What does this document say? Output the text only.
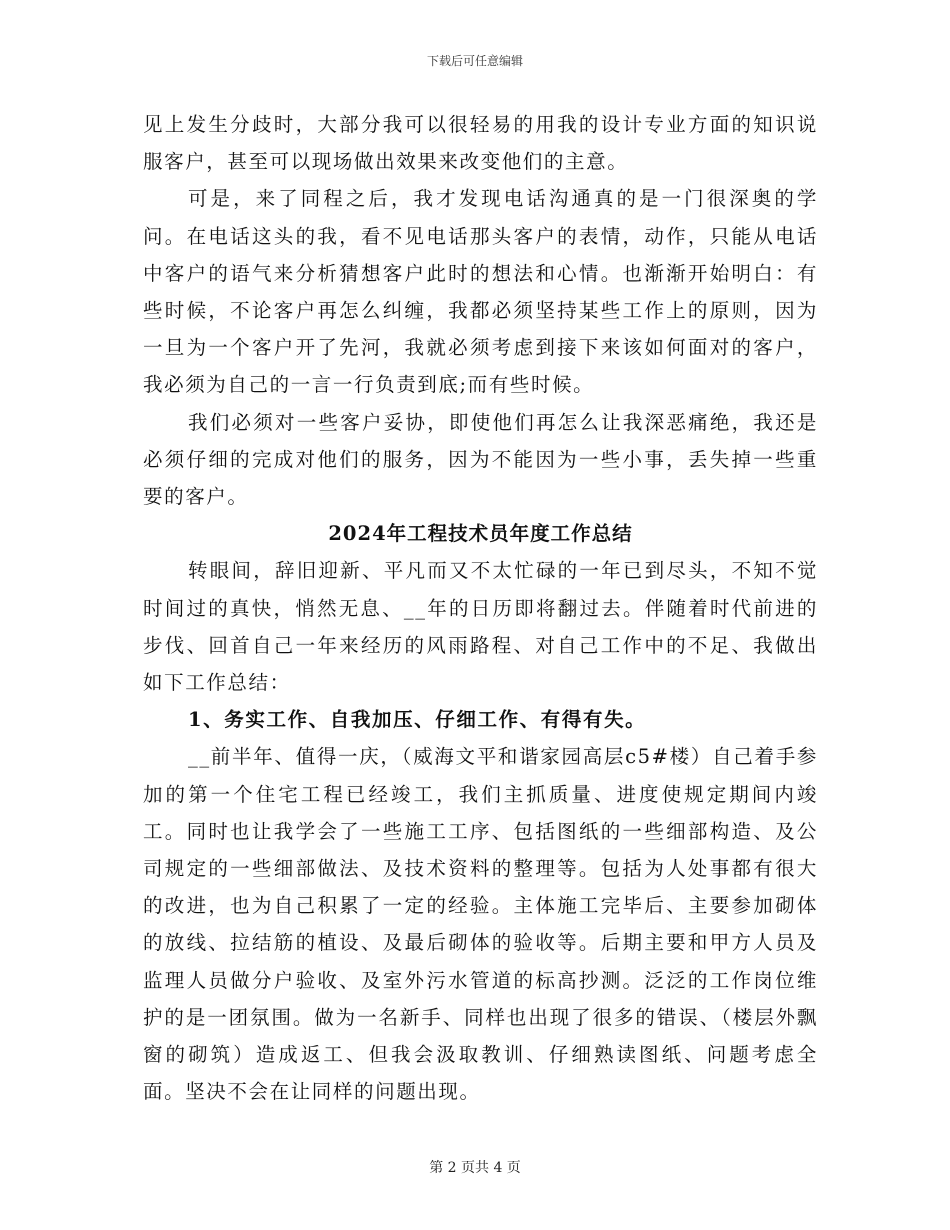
下载后可任意编辑

见上发生分歧时，大部分我可以很轻易的用我的设计专业方面的知识说服客户，甚至可以现场做出效果来改变他们的主意。

可是，来了同程之后，我才发现电话沟通真的是一门很深奥的学问。在电话这头的我，看不见电话那头客户的表情，动作，只能从电话中客户的语气来分析猜想客户此时的想法和心情。也渐渐开始明白：有些时候，不论客户再怎么纠缠，我都必须坚持某些工作上的原则，因为一旦为一个客户开了先河，我就必须考虑到接下来该如何面对的客户，我必须为自己的一言一行负责到底;而有些时候。

我们必须对一些客户妥协，即使他们再怎么让我深恶痛绝，我还是必须仔细的完成对他们的服务，因为不能因为一些小事，丢失掉一些重要的客户。

2024年工程技术员年度工作总结

转眼间，辞旧迎新、平凡而又不太忙碌的一年已到尽头，不知不觉时间过的真快，悄然无息、__年的日历即将翻过去。伴随着时代前进的步伐、回首自己一年来经历的风雨路程、对自己工作中的不足、我做出如下工作总结：

1、务实工作、自我加压、仔细工作、有得有失。

__前半年、值得一庆，（威海文平和谐家园高层c5#楼）自己着手参加的第一个住宅工程已经竣工，我们主抓质量、进度使规定期间内竣工。同时也让我学会了一些施工工序、包括图纸的一些细部构造、及公司规定的一些细部做法、及技术资料的整理等。包括为人处事都有很大的改进，也为自己积累了一定的经验。主体施工完毕后、主要参加砌体的放线、拉结筋的植设、及最后砌体的验收等。后期主要和甲方人员及监理人员做分户验收、及室外污水管道的标高抄测。泛泛的工作岗位维护的是一团氛围。做为一名新手、同样也出现了很多的错误、（楼层外飘窗的砌筑）造成返工、但我会汲取教训、仔细熟读图纸、问题考虑全面。坚决不会在让同样的问题出现。

第 2 页共 4 页
